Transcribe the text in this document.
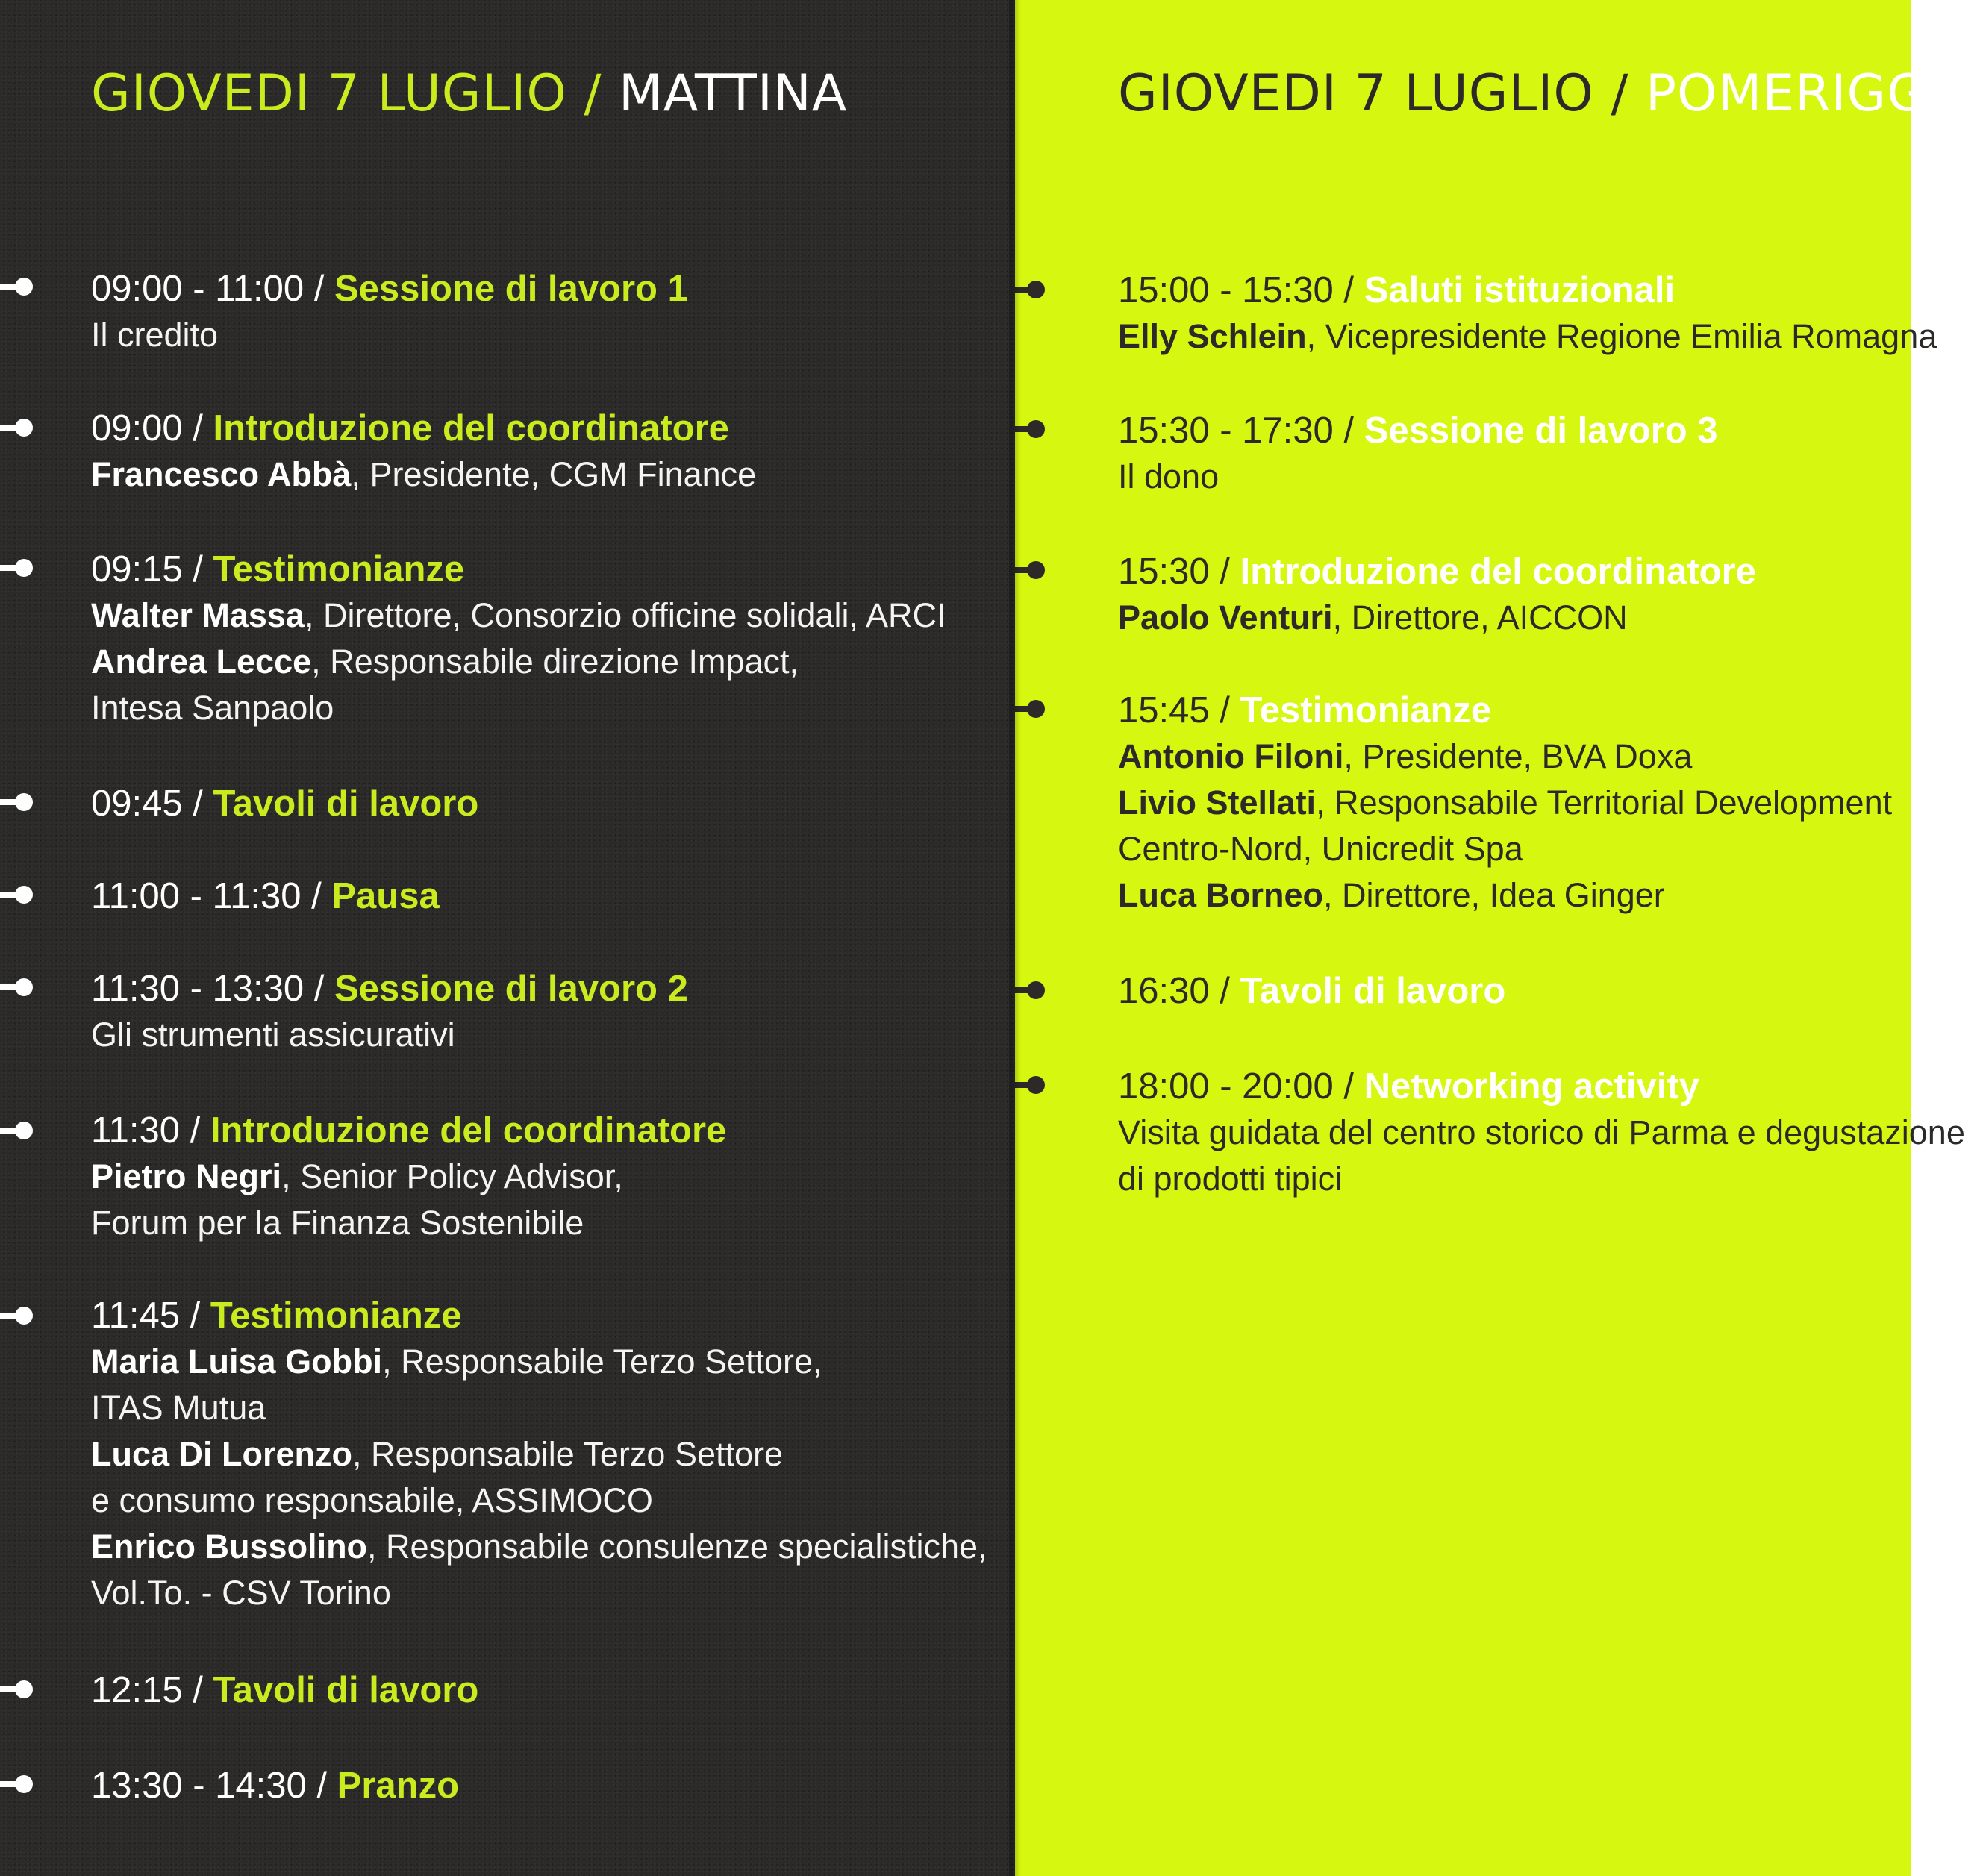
GIOVEDI 7 LUGLIO / MATTINA
09:00 - 11:00 / Sessione di lavoro 1
Il credito
09:00 / Introduzione del coordinatore
Francesco Abbà, Presidente, CGM Finance
09:15 / Testimonianze
Walter Massa, Direttore, Consorzio officine solidali, ARCI
Andrea Lecce, Responsabile direzione Impact,
Intesa Sanpaolo
09:45 / Tavoli di lavoro
11:00 - 11:30 / Pausa
11:30 - 13:30 / Sessione di lavoro 2
Gli strumenti assicurativi
11:30 / Introduzione del coordinatore
Pietro Negri, Senior Policy Advisor,
Forum per la Finanza Sostenibile
11:45 / Testimonianze
Maria Luisa Gobbi, Responsabile Terzo Settore,
ITAS Mutua
Luca Di Lorenzo, Responsabile Terzo Settore
e consumo responsabile, ASSIMOCO
Enrico Bussolino, Responsabile consulenze specialistiche,
Vol.To. - CSV Torino
12:15 / Tavoli di lavoro
13:30 - 14:30 / Pranzo
GIOVEDI 7 LUGLIO / POMERIGGIO
15:00 - 15:30 / Saluti istituzionali
Elly Schlein, Vicepresidente Regione Emilia Romagna
15:30 - 17:30 / Sessione di lavoro 3
Il dono
15:30 / Introduzione del coordinatore
Paolo Venturi, Direttore, AICCON
15:45 / Testimonianze
Antonio Filoni, Presidente, BVA Doxa
Livio Stellati, Responsabile Territorial Development
Centro-Nord, Unicredit Spa
Luca Borneo, Direttore, Idea Ginger
16:30 / Tavoli di lavoro
18:00 - 20:00 / Networking activity
Visita guidata del centro storico di Parma e degustazione
di prodotti tipici
